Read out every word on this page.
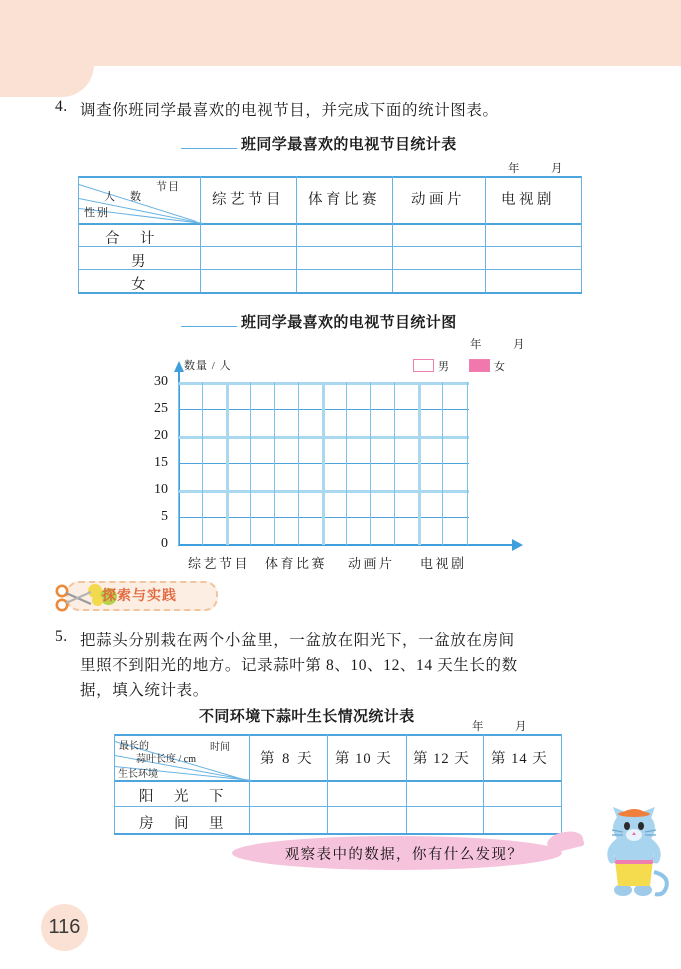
4. 调查你班同学最喜欢的电视节目，并完成下面的统计图表。
班同学最喜欢的电视节目统计表
年　月
节目
人　数
性别
综艺节目 体育比赛 动画片 电视剧
合　计
男
女
班同学最喜欢的电视节目统计图
年　月
数量 / 人	男	女
30
25
20
15
10
5
0
综艺节目 体育比赛 动画片 电视剧
探索与实践
5. 把蒜头分别栽在两个小盆里，一盆放在阳光下，一盆放在房间
里照不到阳光的地方。记录蒜叶第 8、10、12、14 天生长的数
据，填入统计表。
不同环境下蒜叶生长情况统计表
年　月
时间
最长的
蒜叶长度 / cm
生长环境
第 8 天 第 10 天 第 12 天 第 14 天
阳　光　下
房　间　里
观察表中的数据，你有什么发现？
116
